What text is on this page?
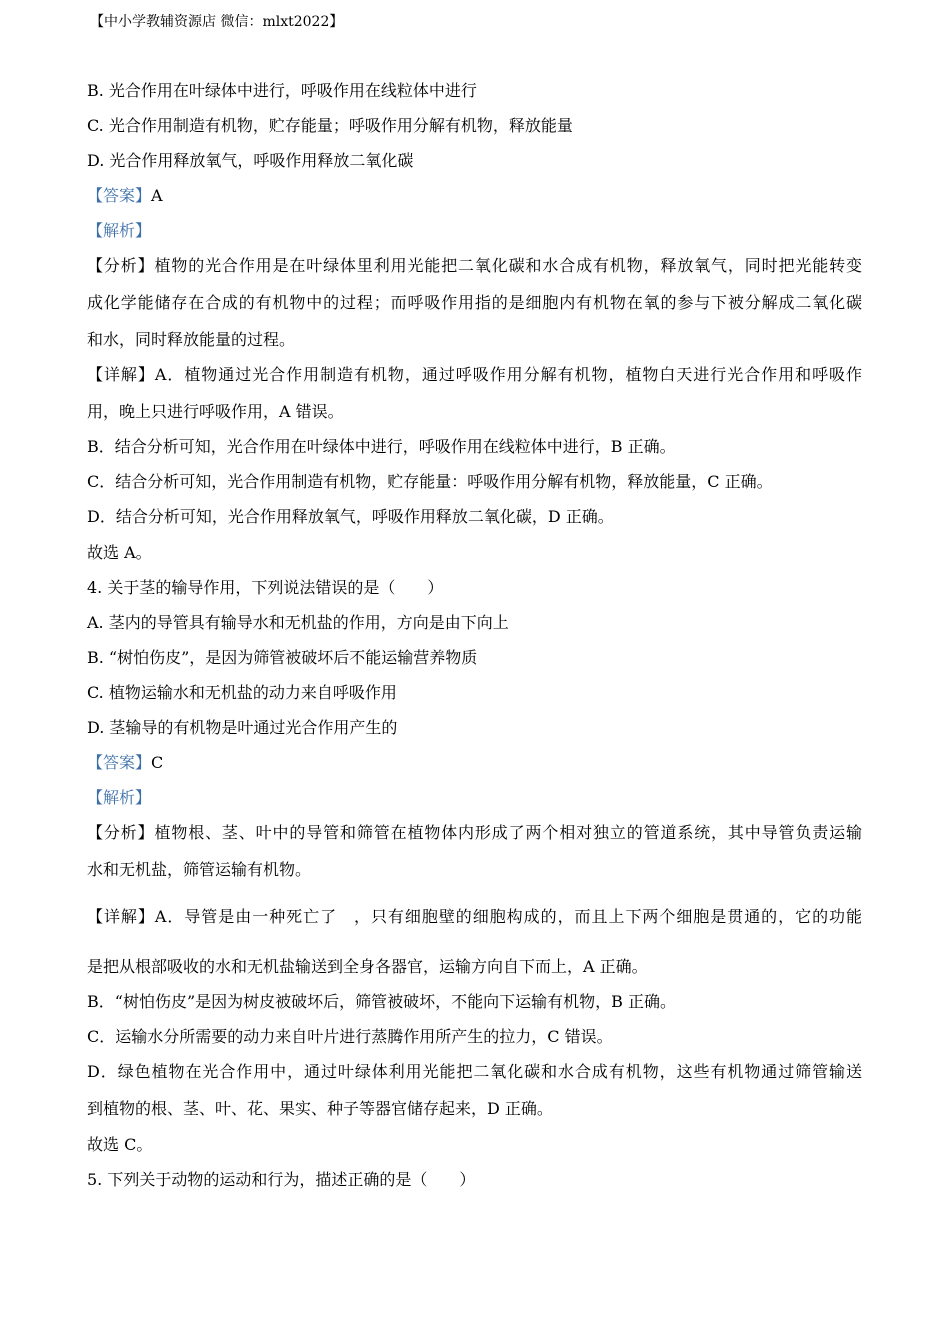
【中小学教辅资源店 微信：mlxt2022】
B. 光合作用在叶绿体中进行，呼吸作用在线粒体中进行
C. 光合作用制造有机物，贮存能量；呼吸作用分解有机物，释放能量
D. 光合作用释放氧气，呼吸作用释放二氧化碳
【答案】A
【解析】
【分析】植物的光合作用是在叶绿体里利用光能把二氧化碳和水合成有机物，释放氧气，同时把光能转变
成化学能储存在合成的有机物中的过程；而呼吸作用指的是细胞内有机物在氧的参与下被分解成二氧化碳
和水，同时释放能量的过程。
【详解】A．植物通过光合作用制造有机物，通过呼吸作用分解有机物，植物白天进行光合作用和呼吸作
用，晚上只进行呼吸作用，A 错误。
B．结合分析可知，光合作用在叶绿体中进行，呼吸作用在线粒体中进行，B 正确。
C．结合分析可知，光合作用制造有机物，贮存能量：呼吸作用分解有机物，释放能量，C 正确。
D．结合分析可知，光合作用释放氧气，呼吸作用释放二氧化碳，D 正确。
故选 A。
4. 关于茎的输导作用，下列说法错误的是（　　）
A. 茎内的导管具有输导水和无机盐的作用，方向是由下向上
B. “树怕伤皮”，是因为筛管被破坏后不能运输营养物质
C. 植物运输水和无机盐的动力来自呼吸作用
D. 茎输导的有机物是叶通过光合作用产生的
【答案】C
【解析】
【分析】植物根、茎、叶中的导管和筛管在植物体内形成了两个相对独立的管道系统，其中导管负责运输
水和无机盐，筛管运输有机物。
【详解】A．导管是由一种死亡了　，只有细胞壁的细胞构成的，而且上下两个细胞是贯通的，它的功能
是把从根部吸收的水和无机盐输送到全身各器官，运输方向自下而上，A 正确。
B．“树怕伤皮”是因为树皮被破坏后，筛管被破坏，不能向下运输有机物，B 正确。
C．运输水分所需要的动力来自叶片进行蒸腾作用所产生的拉力，C 错误。
D．绿色植物在光合作用中，通过叶绿体利用光能把二氧化碳和水合成有机物，这些有机物通过筛管输送
到植物的根、茎、叶、花、果实、种子等器官储存起来，D 正确。
故选 C。
5. 下列关于动物的运动和行为，描述正确的是（　　）
